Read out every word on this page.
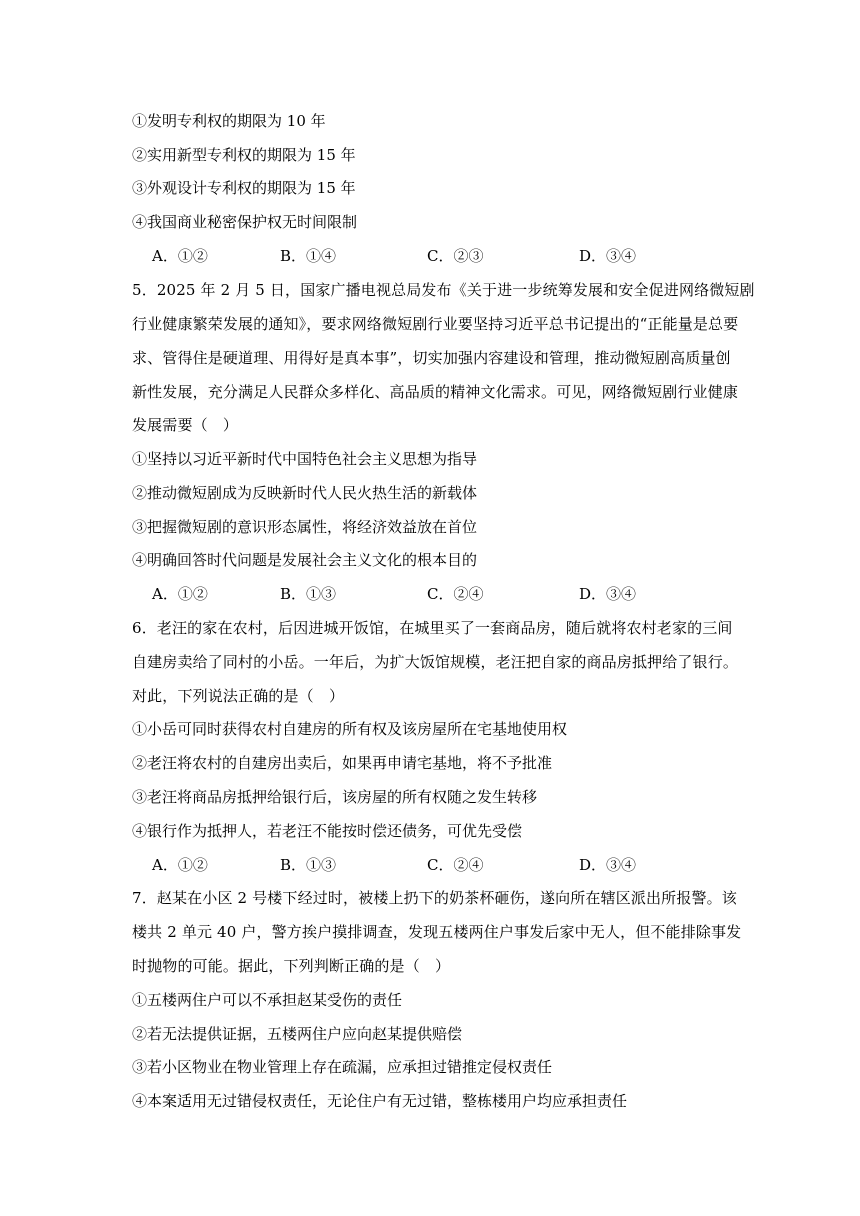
①发明专利权的期限为 10 年
②实用新型专利权的期限为 15 年
③外观设计专利权的期限为 15 年
④我国商业秘密保护权无时间限制
A．①②	B．①④	C．②③	D．③④
5．2025 年 2 月 5 日，国家广播电视总局发布《关于进一步统筹发展和安全促进网络微短剧
行业健康繁荣发展的通知》，要求网络微短剧行业要坚持习近平总书记提出的“正能量是总要
求、管得住是硬道理、用得好是真本事”，切实加强内容建设和管理，推动微短剧高质量创
新性发展，充分满足人民群众多样化、高品质的精神文化需求。可见，网络微短剧行业健康
发展需要（　）
①坚持以习近平新时代中国特色社会主义思想为指导
②推动微短剧成为反映新时代人民火热生活的新载体
③把握微短剧的意识形态属性，将经济效益放在首位
④明确回答时代问题是发展社会主义文化的根本目的
A．①②	B．①③	C．②④	D．③④
6．老汪的家在农村，后因进城开饭馆，在城里买了一套商品房，随后就将农村老家的三间
自建房卖给了同村的小岳。一年后，为扩大饭馆规模，老汪把自家的商品房抵押给了银行。
对此，下列说法正确的是（　）
①小岳可同时获得农村自建房的所有权及该房屋所在宅基地使用权
②老汪将农村的自建房出卖后，如果再申请宅基地，将不予批准
③老汪将商品房抵押给银行后，该房屋的所有权随之发生转移
④银行作为抵押人，若老汪不能按时偿还债务，可优先受偿
A．①②	B．①③	C．②④	D．③④
7．赵某在小区 2 号楼下经过时，被楼上扔下的奶茶杯砸伤，遂向所在辖区派出所报警。该
楼共 2 单元 40 户，警方挨户摸排调查，发现五楼两住户事发后家中无人，但不能排除事发
时抛物的可能。据此，下列判断正确的是（　）
①五楼两住户可以不承担赵某受伤的责任
②若无法提供证据，五楼两住户应向赵某提供赔偿
③若小区物业在物业管理上存在疏漏，应承担过错推定侵权责任
④本案适用无过错侵权责任，无论住户有无过错，整栋楼用户均应承担责任
